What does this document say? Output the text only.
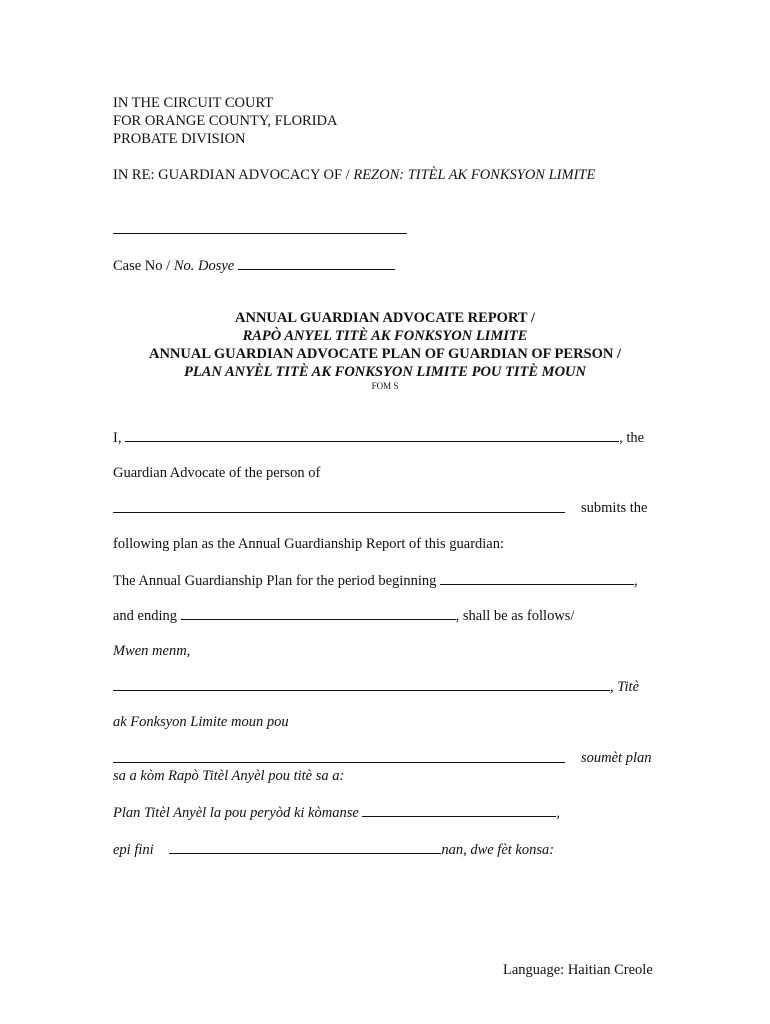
IN THE CIRCUIT COURT
FOR ORANGE COUNTY, FLORIDA
PROBATE DIVISION
IN RE: GUARDIAN ADVOCACY OF / REZON: TITÈL AK FONKSYON LIMITE
Case No / No. Dosye
ANNUAL GUARDIAN ADVOCATE REPORT /
RAPÒ ANYEL TITÈ AK FONKSYON LIMITE
ANNUAL GUARDIAN ADVOCATE PLAN OF GUARDIAN OF PERSON /
PLAN ANYÈL TITÈ AK FONKSYON LIMITE POU TITÈ MOUN
FOM S
I,	, the
Guardian Advocate of the person of
submits the
following plan as the Annual Guardianship Report of this guardian:
The Annual Guardianship Plan for the period beginning	,
and ending	, shall be as follows/
Mwen menm,
, Titè
ak Fonksyon Limite moun pou
soumèt plan
sa a kòm Rapò Titèl Anyèl pou titè sa a:
Plan Titèl Anyèl la pou peryòd ki kòmanse	,
epi fini	nan, dwe fèt konsa:
Language: Haitian Creole
